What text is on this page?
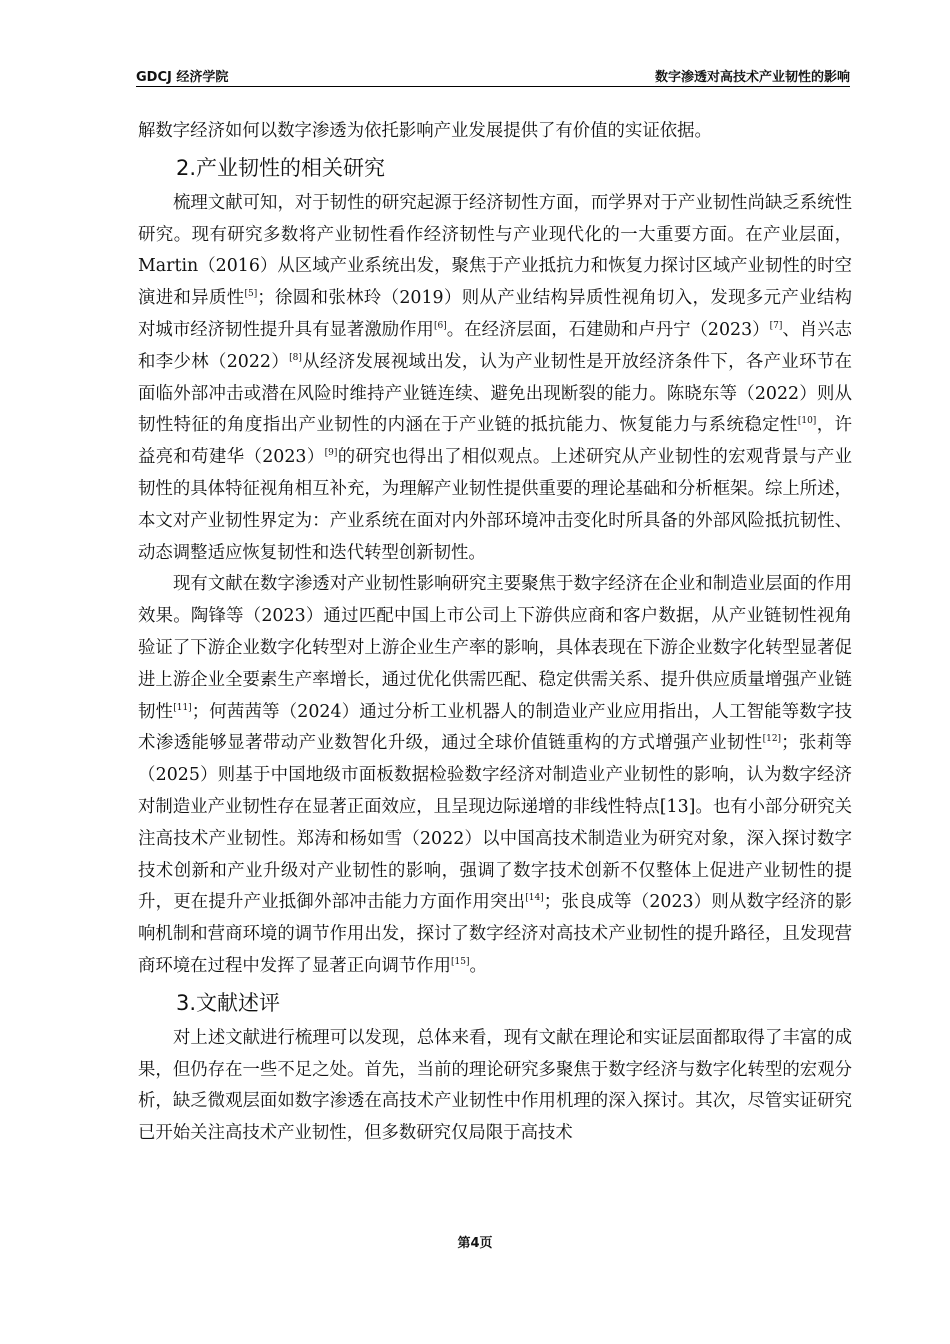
GDCJ 经济学院	数字渗透对高技术产业韧性的影响

解数字经济如何以数字渗透为依托影响产业发展提供了有价值的实证依据。

2.产业韧性的相关研究

梳理文献可知，对于韧性的研究起源于经济韧性方面，而学界对于产业韧性尚缺乏系统性研究。现有研究多数将产业韧性看作经济韧性与产业现代化的一大重要方面。在产业层面，Martin（2016）从区域产业系统出发，聚焦于产业抵抗力和恢复力探讨区域产业韧性的时空演进和异质性[5]；徐圆和张林玲（2019）则从产业结构异质性视角切入，发现多元产业结构对城市经济韧性提升具有显著激励作用[6]。在经济层面，石建勋和卢丹宁（2023）[7]、肖兴志和李少林（2022）[8]从经济发展视域出发，认为产业韧性是开放经济条件下，各产业环节在面临外部冲击或潜在风险时维持产业链连续、避免出现断裂的能力。陈晓东等（2022）则从韧性特征的角度指出产业韧性的内涵在于产业链的抵抗能力、恢复能力与系统稳定性[10]，许益亮和苟建华（2023）[9]的研究也得出了相似观点。上述研究从产业韧性的宏观背景与产业韧性的具体特征视角相互补充，为理解产业韧性提供重要的理论基础和分析框架。综上所述，本文对产业韧性界定为：产业系统在面对内外部环境冲击变化时所具备的外部风险抵抗韧性、动态调整适应恢复韧性和迭代转型创新韧性。

现有文献在数字渗透对产业韧性影响研究主要聚焦于数字经济在企业和制造业层面的作用效果。陶锋等（2023）通过匹配中国上市公司上下游供应商和客户数据，从产业链韧性视角验证了下游企业数字化转型对上游企业生产率的影响，具体表现在下游企业数字化转型显著促进上游企业全要素生产率增长，通过优化供需匹配、稳定供需关系、提升供应质量增强产业链韧性[11]；何茜茜等（2024）通过分析工业机器人的制造业产业应用指出，人工智能等数字技术渗透能够显著带动产业数智化升级，通过全球价值链重构的方式增强产业韧性[12]；张莉等（2025）则基于中国地级市面板数据检验数字经济对制造业产业韧性的影响，认为数字经济对制造业产业韧性存在显著正面效应，且呈现边际递增的非线性特点[13]。也有小部分研究关注高技术产业韧性。郑涛和杨如雪（2022）以中国高技术制造业为研究对象，深入探讨数字技术创新和产业升级对产业韧性的影响，强调了数字技术创新不仅整体上促进产业韧性的提升，更在提升产业抵御外部冲击能力方面作用突出[14]；张良成等（2023）则从数字经济的影响机制和营商环境的调节作用出发，探讨了数字经济对高技术产业韧性的提升路径，且发现营商环境在过程中发挥了显著正向调节作用[15]。

3.文献述评

对上述文献进行梳理可以发现，总体来看，现有文献在理论和实证层面都取得了丰富的成果，但仍存在一些不足之处。首先，当前的理论研究多聚焦于数字经济与数字化转型的宏观分析，缺乏微观层面如数字渗透在高技术产业韧性中作用机理的深入探讨。其次，尽管实证研究已开始关注高技术产业韧性，但多数研究仅局限于高技术

第4页
